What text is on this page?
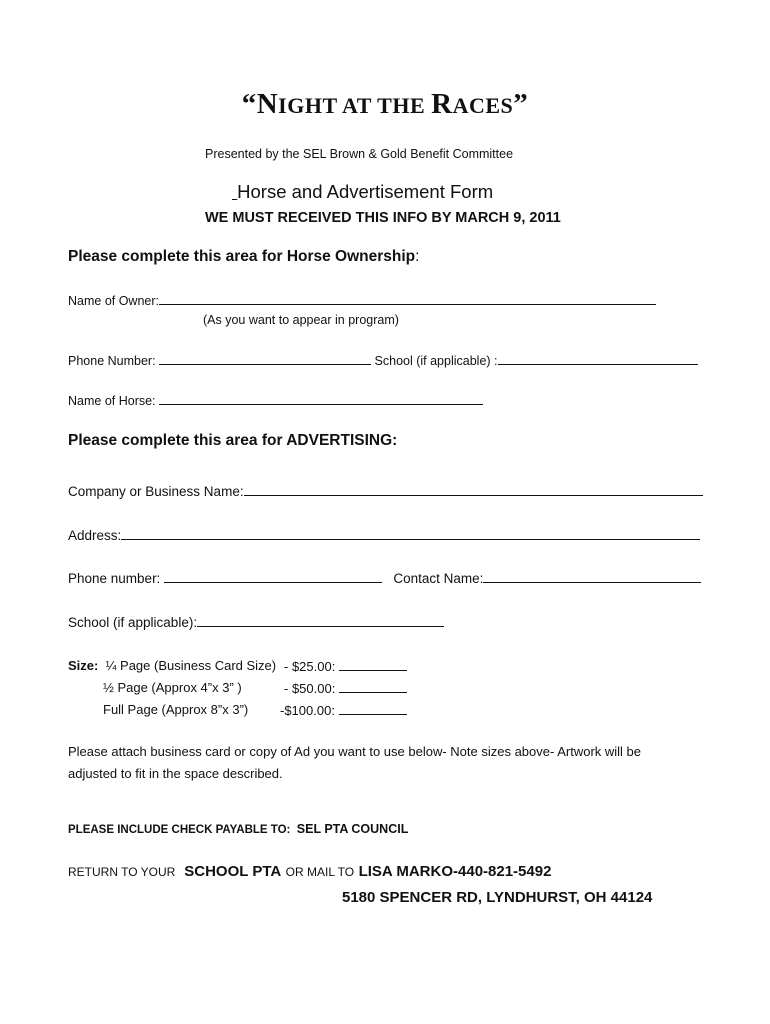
“NIGHT AT THE RACES”
Presented by the SEL Brown & Gold Benefit Committee
Horse and Advertisement Form
WE MUST RECEIVED THIS INFO BY MARCH 9, 2011
Please complete this area for Horse Ownership:
Name of Owner:
(As you want to appear in program)
Phone Number:	School (if applicable) :
Name of Horse:
Please complete this area for ADVERTISING:
Company or Business Name:
Address:
Phone number:	Contact Name:
School (if applicable):
Size: ¼ Page (Business Card Size) - $25.00:
½ Page (Approx 4”x 3” )	- $50.00:
Full Page (Approx 8”x 3”) -$100.00:
Please attach business card or copy of Ad you want to use below- Note sizes above- Artwork will be
adjusted to fit in the space described.
PLEASE INCLUDE CHECK PAYABLE TO: SEL PTA COUNCIL
RETURN TO YOUR SCHOOL PTA OR MAIL TO LISA MARKO-440-821-5492
5180 SPENCER RD, LYNDHURST, OH 44124
